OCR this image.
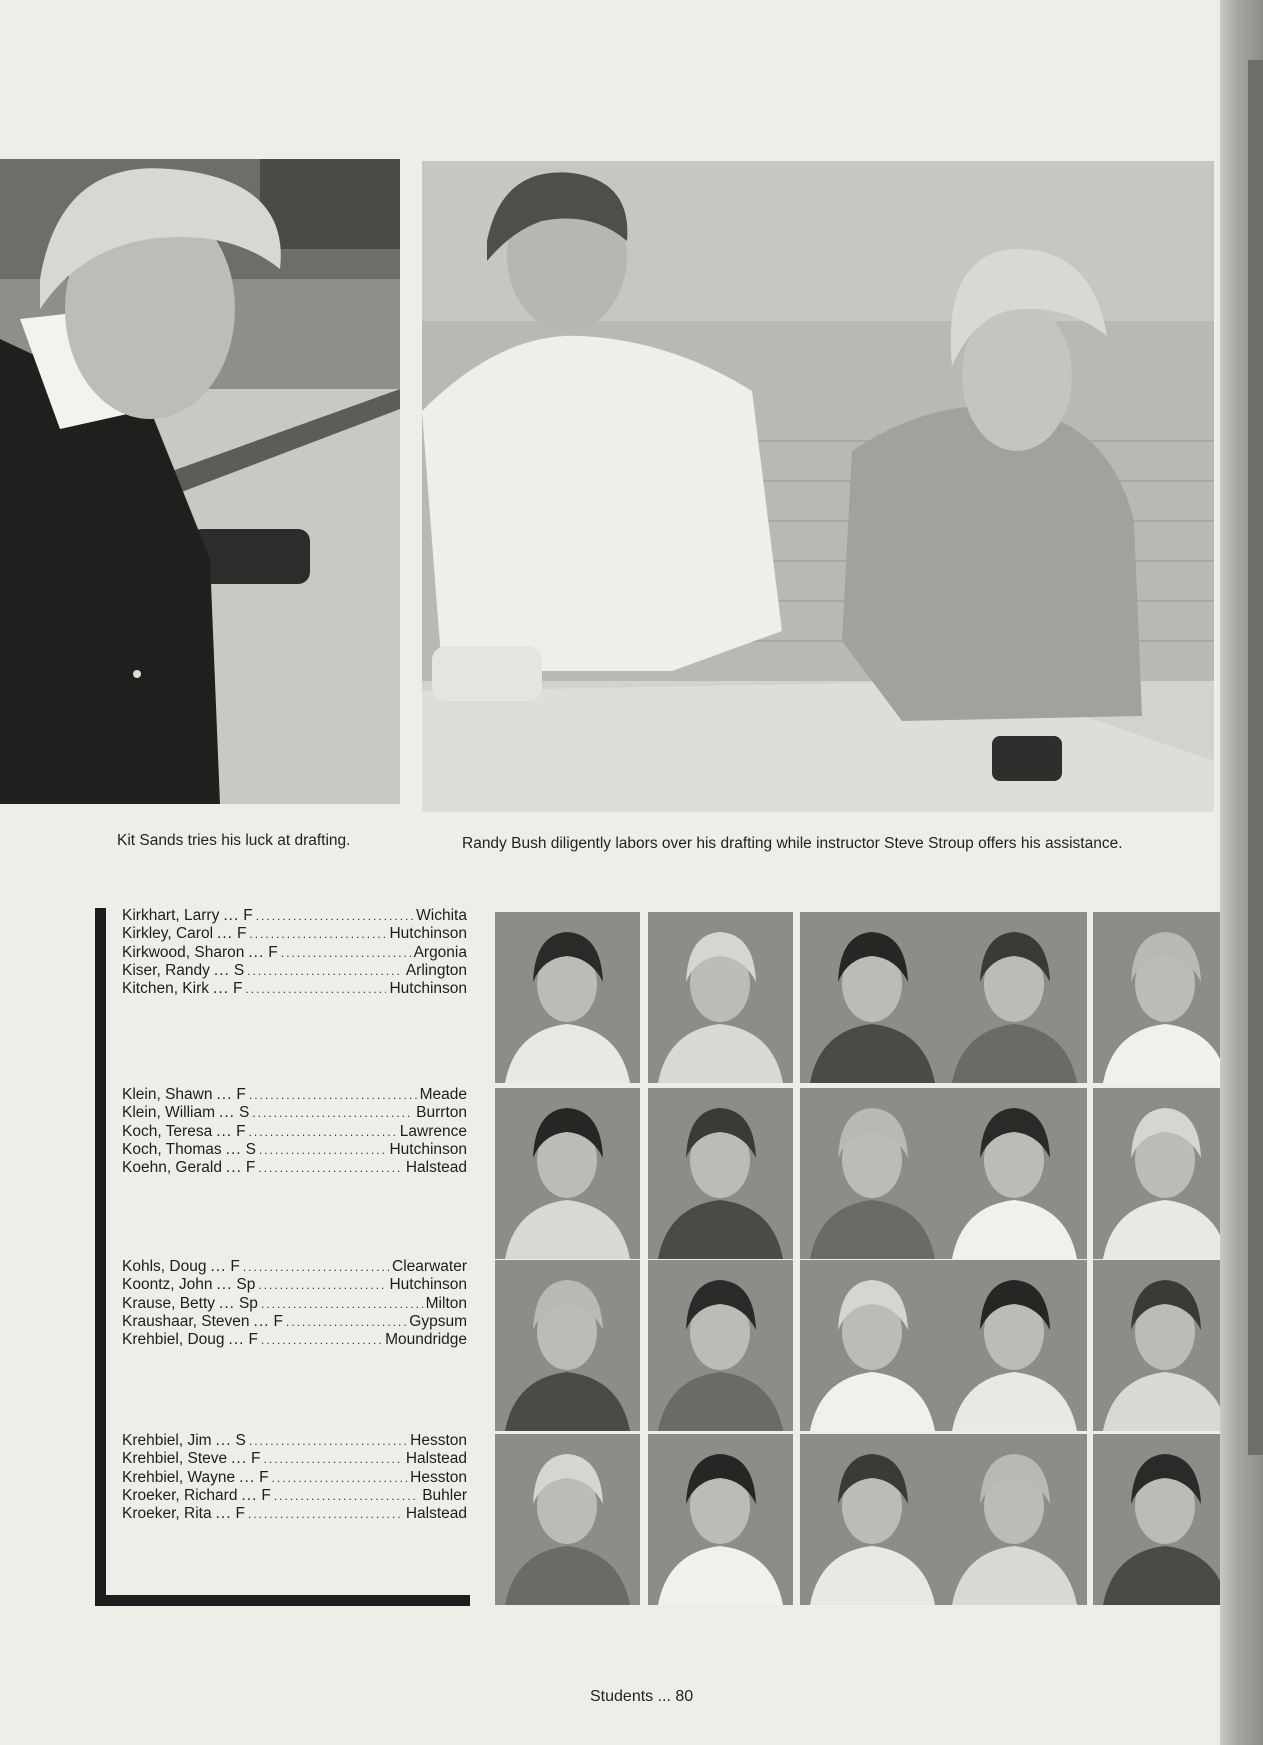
Kit Sands tries his luck at drafting.	Randy Bush diligently labors over his drafting while instructor Steve Stroup offers his assistance.
Kirkhart, Larry ... F .....	Wichita
Kirkley, Carol ... F .....	Hutchinson
Kirkwood, Sharon ... F .....	Argonia
Kiser, Randy ... S .....	Arlington
Kitchen, Kirk ... F .....	Hutchinson
Klein, Shawn ... F .....	Meade
Klein, William ... S .....	Burrton
Koch, Teresa ... F .....	Lawrence
Koch, Thomas ... S .....	Hutchinson
Koehn, Gerald ... F .....	Halstead
Kohls, Doug ... F .....	Clearwater
Koontz, John ... Sp .....	Hutchinson
Krause, Betty ... Sp .....	Milton
Kraushaar, Steven ... F .....	Gypsum
Krehbiel, Doug ... F .....	Moundridge
Krehbiel, Jim ... S .....	Hesston
Krehbiel, Steve ... F .....	Halstead
Krehbiel, Wayne ... F .....	Hesston
Kroeker, Richard ... F .....	Buhler
Kroeker, Rita ... F .....	Halstead
Students ... 80
